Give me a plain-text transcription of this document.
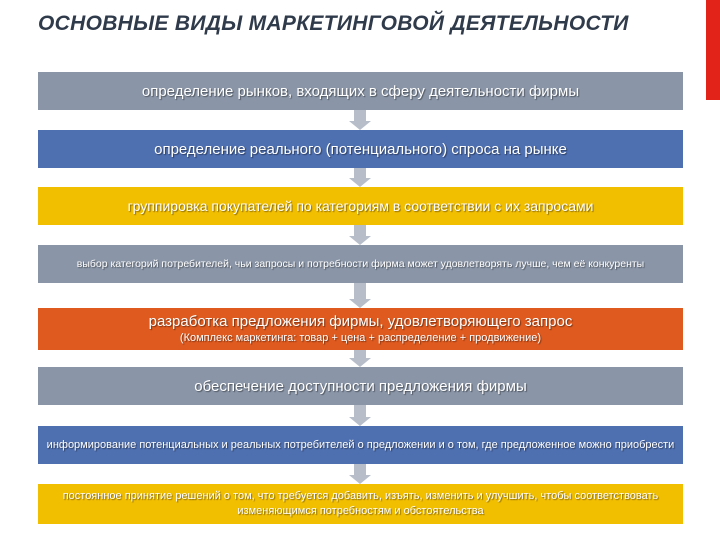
ОСНОВНЫЕ ВИДЫ МАРКЕТИНГОВОЙ ДЕЯТЕЛЬНОСТИ
определение рынков, входящих в сферу деятельности фирмы
определение реального (потенциального) спроса на рынке
группировка покупателей по категориям в соответствии с их запросами
выбор категорий потребителей, чьи запросы и потребности фирма может удовлетворять лучше, чем её конкуренты
разработка предложения фирмы, удовлетворяющего запрос
(Комплекс маркетинга: товар + цена + распределение + продвижение)
обеспечение доступности предложения фирмы
информирование потенциальных и реальных потребителей о предложении и о том, где предложенное можно приобрести
постоянное принятие решений о том, что требуется добавить, изъять, изменить и улучшить, чтобы соответствовать изменяющимся потребностям и обстоятельства
